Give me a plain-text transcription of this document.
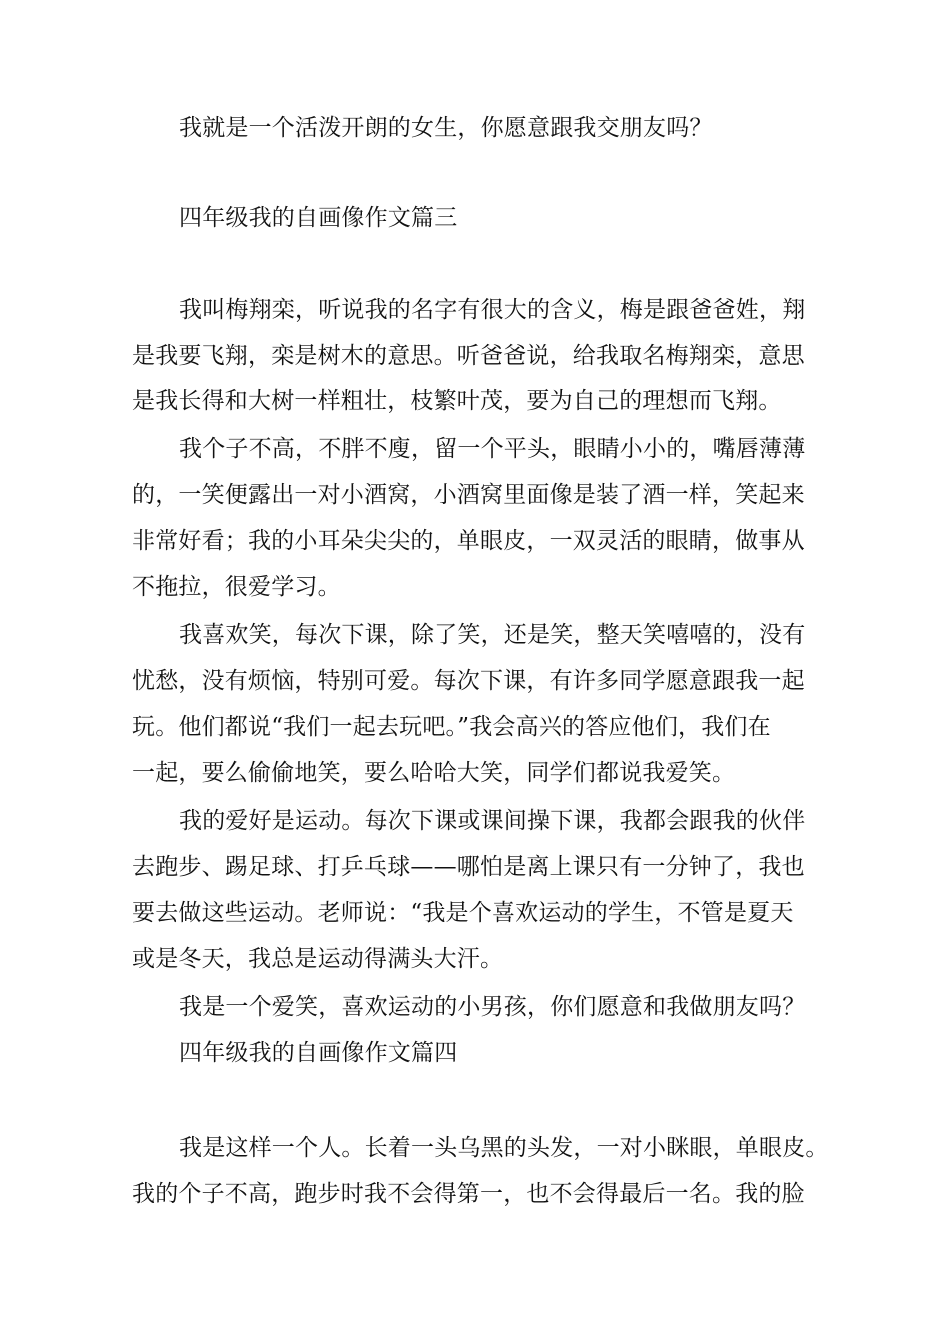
我就是一个活泼开朗的女生，你愿意跟我交朋友吗？
四年级我的自画像作文篇三
我叫梅翔栾，听说我的名字有很大的含义，梅是跟爸爸姓，翔
是我要飞翔，栾是树木的意思。听爸爸说，给我取名梅翔栾，意思
是我长得和大树一样粗壮，枝繁叶茂，要为自己的理想而飞翔。
我个子不高，不胖不廋，留一个平头，眼睛小小的，嘴唇薄薄
的，一笑便露出一对小酒窝，小酒窝里面像是装了酒一样，笑起来
非常好看；我的小耳朵尖尖的，单眼皮，一双灵活的眼睛，做事从
不拖拉，很爱学习。
我喜欢笑，每次下课，除了笑，还是笑，整天笑嘻嘻的，没有
忧愁，没有烦恼，特别可爱。每次下课，有许多同学愿意跟我一起
玩。他们都说“我们一起去玩吧。”我会高兴的答应他们，我们在
一起，要么偷偷地笑，要么哈哈大笑，同学们都说我爱笑。
我的爱好是运动。每次下课或课间操下课，我都会跟我的伙伴
去跑步、踢足球、打乒乓球——哪怕是离上课只有一分钟了，我也
要去做这些运动。老师说：“我是个喜欢运动的学生，不管是夏天
或是冬天，我总是运动得满头大汗。
我是一个爱笑，喜欢运动的小男孩，你们愿意和我做朋友吗？
四年级我的自画像作文篇四
我是这样一个人。长着一头乌黑的头发，一对小眯眼，单眼皮。
我的个子不高，跑步时我不会得第一，也不会得最后一名。我的脸
